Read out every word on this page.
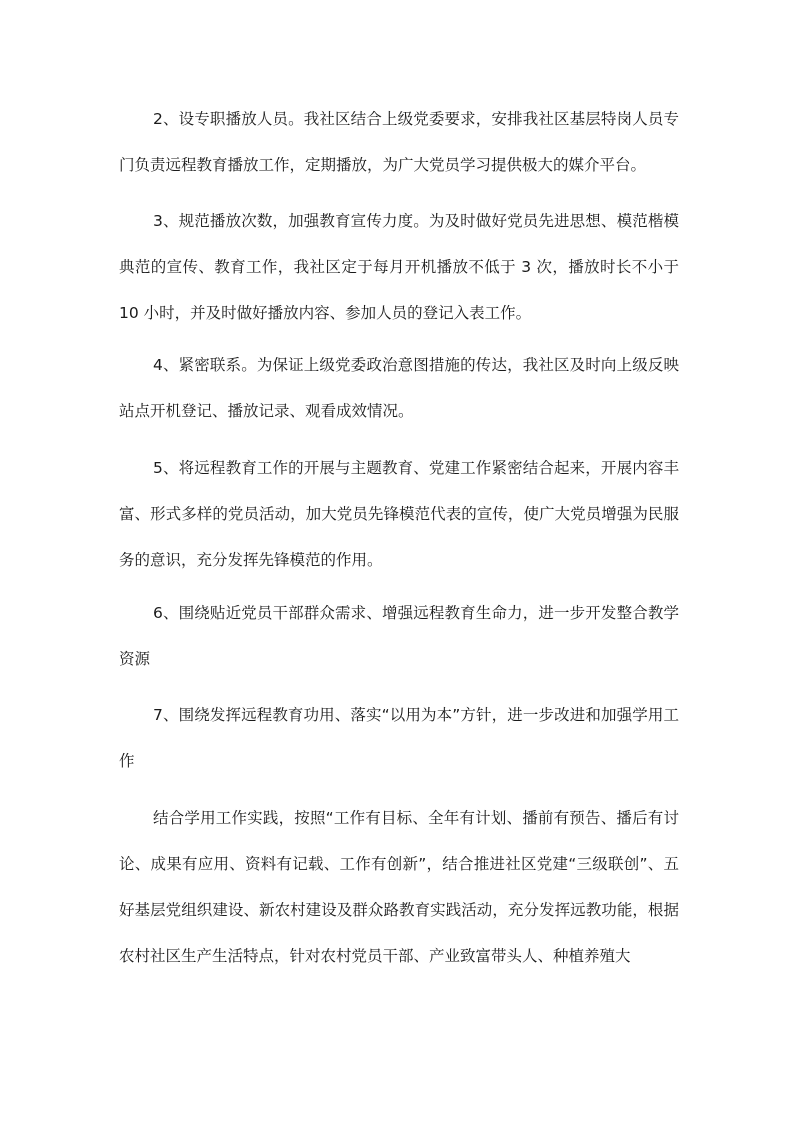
2、设专职播放人员。我社区结合上级党委要求，安排我社区基层特岗人员专门负责远程教育播放工作，定期播放，为广大党员学习提供极大的媒介平台。

3、规范播放次数，加强教育宣传力度。为及时做好党员先进思想、模范楷模典范的宣传、教育工作，我社区定于每月开机播放不低于 3 次，播放时长不小于 10 小时，并及时做好播放内容、参加人员的登记入表工作。

4、紧密联系。为保证上级党委政治意图措施的传达，我社区及时向上级反映站点开机登记、播放记录、观看成效情况。

5、将远程教育工作的开展与主题教育、党建工作紧密结合起来，开展内容丰富、形式多样的党员活动，加大党员先锋模范代表的宣传，使广大党员增强为民服务的意识，充分发挥先锋模范的作用。

6、围绕贴近党员干部群众需求、增强远程教育生命力，进一步开发整合教学资源

7、围绕发挥远程教育功用、落实“以用为本”方针，进一步改进和加强学用工作

结合学用工作实践，按照“工作有目标、全年有计划、播前有预告、播后有讨论、成果有应用、资料有记载、工作有创新”，结合推进社区党建“三级联创”、五好基层党组织建设、新农村建设及群众路教育实践活动，充分发挥远教功能，根据农村社区生产生活特点，针对农村党员干部、产业致富带头人、种植养殖大
